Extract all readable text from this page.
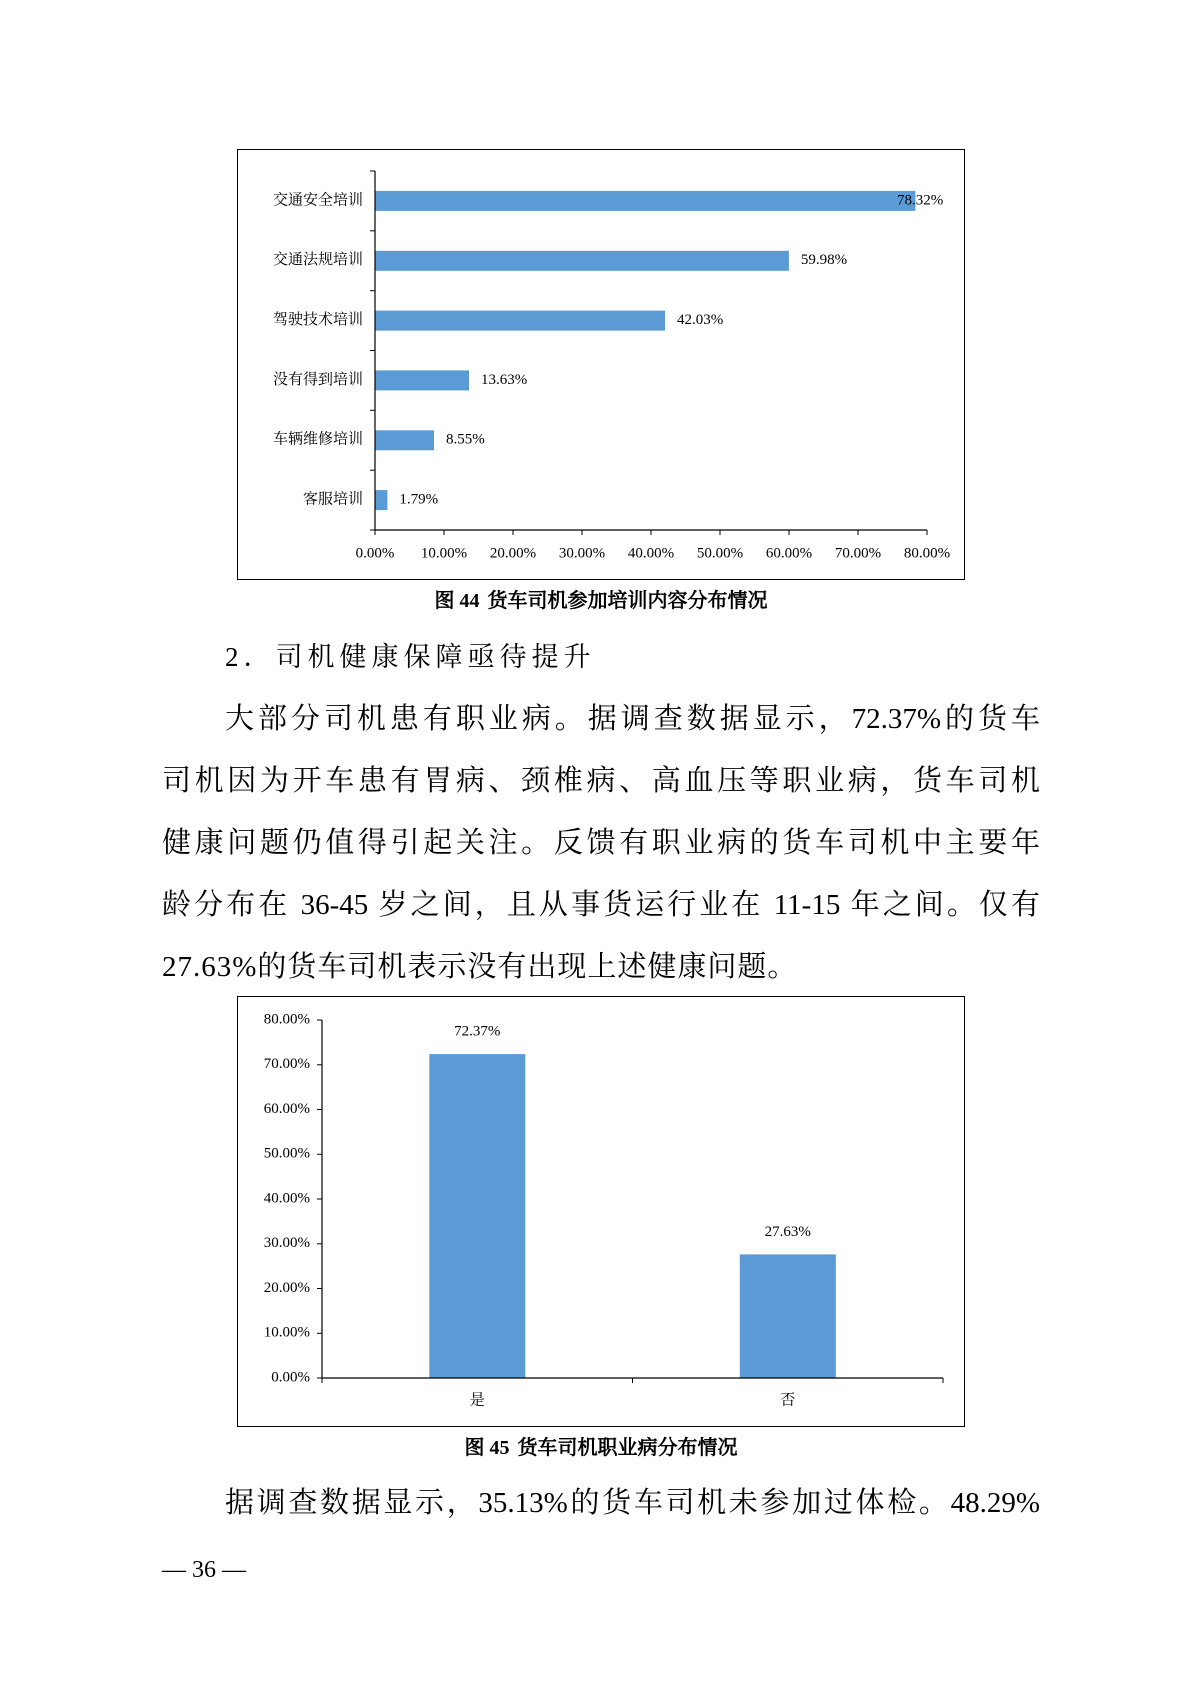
0.00% 10.00% 20.00% 30.00% 40.00% 50.00% 60.00% 70.00% 80.00%
交通安全培训	78.32%
交通法规培训	59.98%
驾驶技术培训	42.03%
没有得到培训	13.63%
车辆维修培训	8.55%
客服培训 1.79%
图 44 货车司机参加培训内容分布情况
2．司机健康保障亟待提升
大部分司机患有职业病。据调查数据显示，72.37%的货车
司机因为开车患有胃病、颈椎病、高血压等职业病，货车司机
健康问题仍值得引起关注。反馈有职业病的货车司机中主要年
龄分布在 36-45 岁之间，且从事货运行业在 11-15 年之间。仅有
27.63%的货车司机表示没有出现上述健康问题。
0.00%
10.00%
20.00%
30.00%
40.00%
50.00%
60.00%
70.00%
80.00%
是
72.37%
否
27.63%
图 45 货车司机职业病分布情况
据调查数据显示，35.13%的货车司机未参加过体检。48.29%
— 36 —
